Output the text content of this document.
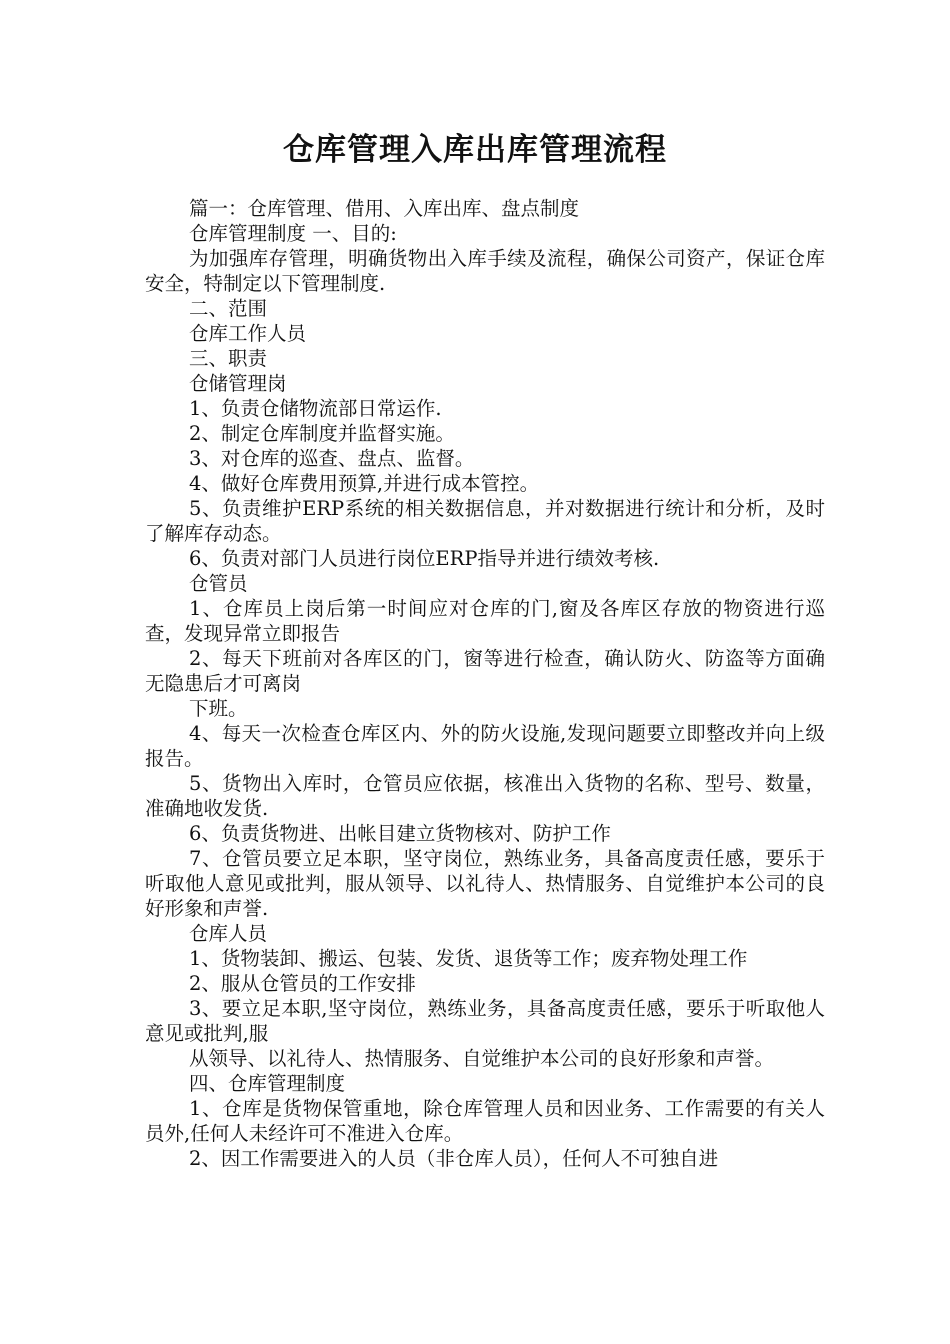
仓库管理入库出库管理流程

篇一：仓库管理、借用、入库出库、盘点制度

仓库管理制度 一、目的:

为加强库存管理，明确货物出入库手续及流程，确保公司资产，保证仓库安全，特制定以下管理制度.

二、范围

仓库工作人员

三、职责

仓储管理岗

1、负责仓储物流部日常运作.

2、制定仓库制度并监督实施。

3、对仓库的巡查、盘点、监督。

4、做好仓库费用预算,并进行成本管控。

5、负责维护ERP系统的相关数据信息，并对数据进行统计和分析，及时了解库存动态。

6、负责对部门人员进行岗位ERP指导并进行绩效考核.

仓管员

1、仓库员上岗后第一时间应对仓库的门,窗及各库区存放的物资进行巡查，发现异常立即报告

2、每天下班前对各库区的门，窗等进行检查，确认防火、防盗等方面确无隐患后才可离岗

下班。

4、每天一次检查仓库区内、外的防火设施,发现问题要立即整改并向上级报告。

5、货物出入库时，仓管员应依据，核准出入货物的名称、型号、数量，准确地收发货.

6、负责货物进、出帐目建立货物核对、防护工作

7、仓管员要立足本职，坚守岗位，熟练业务，具备高度责任感，要乐于听取他人意见或批判，服从领导、以礼待人、热情服务、自觉维护本公司的良好形象和声誉.

仓库人员

1、货物装卸、搬运、包装、发货、退货等工作；废弃物处理工作

2、服从仓管员的工作安排

3、要立足本职,坚守岗位，熟练业务，具备高度责任感，要乐于听取他人意见或批判,服

从领导、以礼待人、热情服务、自觉维护本公司的良好形象和声誉。

四、仓库管理制度

1、仓库是货物保管重地，除仓库管理人员和因业务、工作需要的有关人员外,任何人未经许可不准进入仓库。

2、因工作需要进入的人员（非仓库人员），任何人不可独自进
